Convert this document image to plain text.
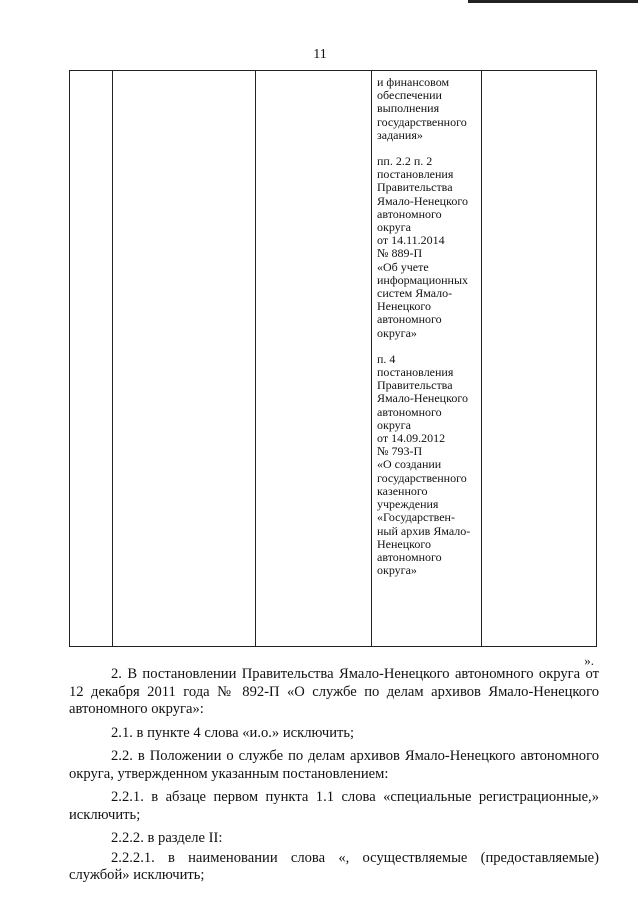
11

и финансовом
обеспечении
выполнения
государственного
задания»

пп. 2.2 п. 2
постановления
Правительства
Ямало-Ненецкого
автономного
округа
от 14.11.2014
№ 889-П
«Об учете
информационных
систем Ямало-
Ненецкого
автономного
округа»

п. 4
постановления
Правительства
Ямало-Ненецкого
автономного
округа
от 14.09.2012
№ 793-П
«О создании
государственного
казенного
учреждения
«Государствен-
ный архив Ямало-
Ненецкого
автономного
округа»

».

2. В постановлении Правительства Ямало-Ненецкого автономного округа от 12 декабря 2011 года № 892-П «О службе по делам архивов Ямало-Ненецкого автономного округа»:

2.1. в пункте 4 слова «и.о.» исключить;

2.2. в Положении о службе по делам архивов Ямало-Ненецкого автономного округа, утвержденном указанным постановлением:

2.2.1. в абзаце первом пункта 1.1 слова «специальные регистрационные,» исключить;

2.2.2. в разделе II:

2.2.2.1. в наименовании слова «, осуществляемые (предоставляемые) службой» исключить;
